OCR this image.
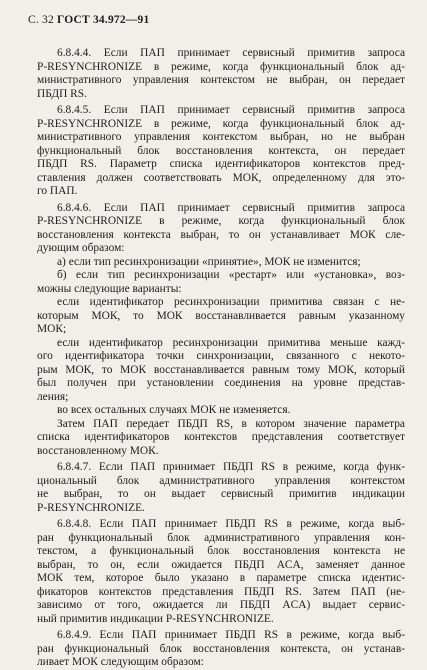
С. 32 ГОСТ 34.972—91
6.8.4.4. Если ПАП принимает сервисный примитив запроса
P-RESYNCHRONIZE в режиме, когда функциональный блок ад-
министративного управления контекстом не выбран, он передает
ПБДП RS.
6.8.4.5. Если ПАП принимает сервисный примитив запроса
P-RESYNCHRONIZE в режиме, когда функциональный блок ад-
министративного управления контекстом выбран, но не выбран
функциональный блок восстановления контекста, он передает
ПБДП RS. Параметр списка идентификаторов контекстов пред-
ставления должен соответствовать МОК, определенному для это-
го ПАП.
6.8.4.6. Если ПАП принимает сервисный примитив запроса
P-RESYNCHRONIZE в режиме, когда функциональный блок
восстановления контекста выбран, то он устанавливает МОК сле-
дующим образом:
а) если тип ресинхронизации «принятие», МОК не изменится;
б) если тип ресинхронизации «рестарт» или «установка», воз-
можны следующие варианты:
если идентификатор ресинхронизации примитива связан с не-
которым МОК, то МОК восстанавливается равным указанному
МОК;
если идентификатор ресинхронизации примитива меньше кажд-
ого идентификатора точки синхронизации, связанного с некото-
рым МОК, то МОК восстанавливается равным тому МОК, который
был получен при установлении соединения на уровне представ-
ления;
во всех остальных случаях МОК не изменяется.
Затем ПАП передает ПБДП RS, в котором значение параметра
списка идентификаторов контекстов представления соответствует
восстановленному МОК.
6.8.4.7. Если ПАП принимает ПБДП RS в режиме, когда функ-
циональный блок административного управления контекстом
не выбран, то он выдает сервисный примитив индикации
P-RESYNCHRONIZE.
6.8.4.8. Если ПАП принимает ПБДП RS в режиме, когда выб-
ран функциональный блок административного управления кон-
текстом, а функциональный блок восстановления контекста не
выбран, то он, если ожидается ПБДП ACA, заменяет данное
МОК тем, которое было указано в параметре списка идентис-
фикаторов контекстов представления ПБДП RS. Затем ПАП (не-
зависимо от того, ожидается ли ПБДП ACA) выдает сервис-
ный примитив индикации P-RESYNCHRONIZE.
6.8.4.9. Если ПАП принимает ПБДП RS в режиме, когда выб-
ран функциональный блок восстановления контекста, он устанав-
ливает МОК следующим образом:
